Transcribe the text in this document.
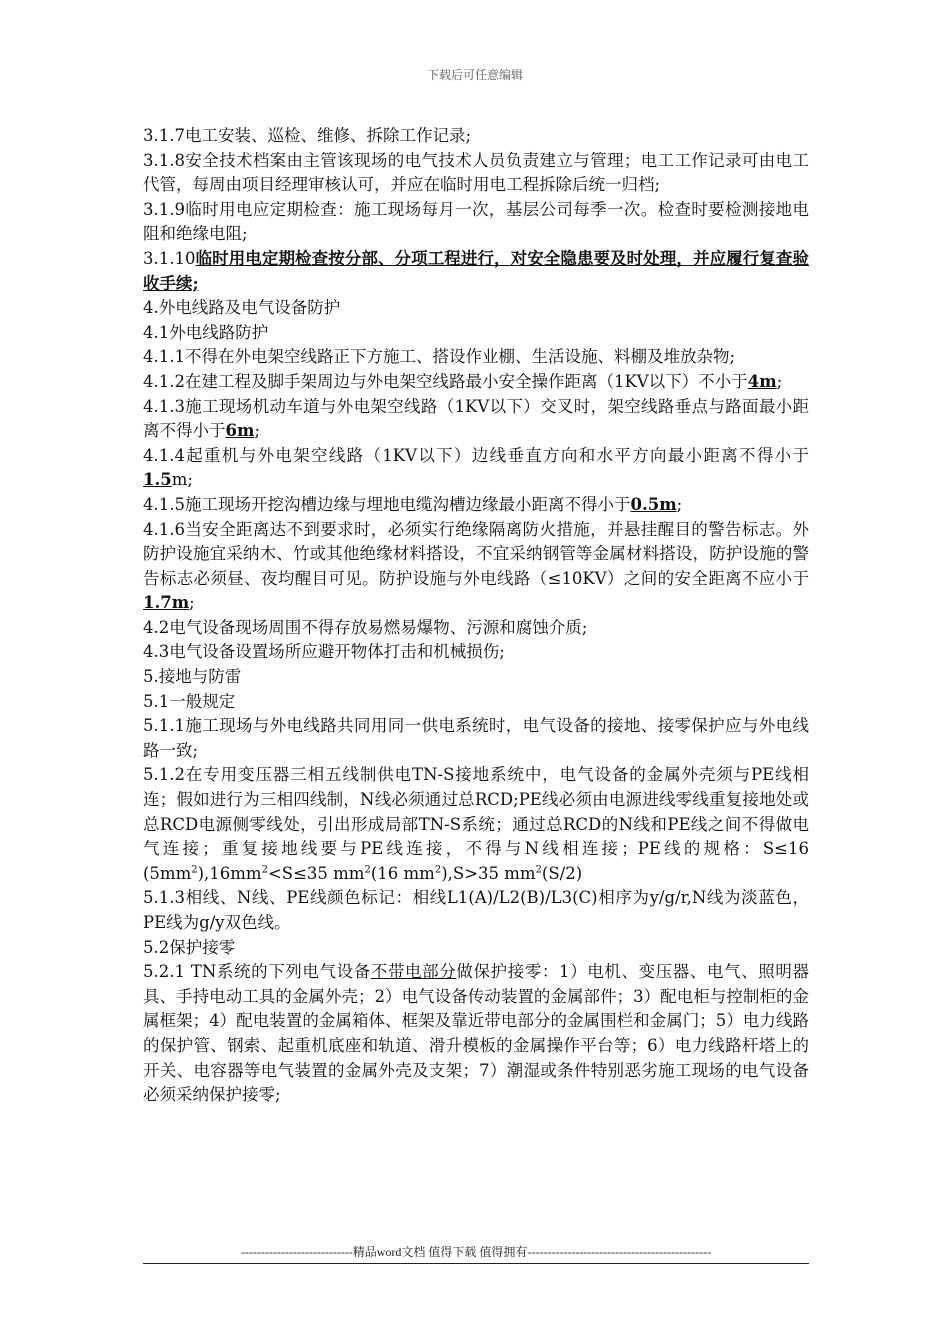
下载后可任意编辑

3.1.7电工安装、巡检、维修、拆除工作记录;

3.1.8安全技术档案由主管该现场的电气技术人员负责建立与管理；电工工作记录可由电工代管，每周由项目经理审核认可，并应在临时用电工程拆除后统一归档;

3.1.9临时用电应定期检查：施工现场每月一次，基层公司每季一次。检查时要检测接地电阻和绝缘电阻;

3.1.10临时用电定期检查按分部、分项工程进行，对安全隐患要及时处理，并应履行复查验收手续;

4.外电线路及电气设备防护

4.1外电线路防护

4.1.1不得在外电架空线路正下方施工、搭设作业棚、生活设施、料棚及堆放杂物;

4.1.2在建工程及脚手架周边与外电架空线路最小安全操作距离（1KV以下）不小于4m;

4.1.3施工现场机动车道与外电架空线路（1KV以下）交叉时，架空线路垂点与路面最小距离不得小于6m;

4.1.4起重机与外电架空线路（1KV以下）边线垂直方向和水平方向最小距离不得小于1.5m;

4.1.5施工现场开挖沟槽边缘与埋地电缆沟槽边缘最小距离不得小于0.5m;

4.1.6当安全距离达不到要求时，必须实行绝缘隔离防火措施，并悬挂醒目的警告标志。外防护设施宜采纳木、竹或其他绝缘材料搭设，不宜采纳钢管等金属材料搭设，防护设施的警告标志必须昼、夜均醒目可见。防护设施与外电线路（≤10KV）之间的安全距离不应小于1.7m;

4.2电气设备现场周围不得存放易燃易爆物、污源和腐蚀介质;

4.3电气设备设置场所应避开物体打击和机械损伤;

5.接地与防雷

5.1一般规定

5.1.1施工现场与外电线路共同用同一供电系统时，电气设备的接地、接零保护应与外电线路一致;

5.1.2在专用变压器三相五线制供电TN-S接地系统中，电气设备的金属外壳须与PE线相连；假如进行为三相四线制，N线必须通过总RCD;PE线必须由电源进线零线重复接地处或总RCD电源侧零线处，引出形成局部TN-S系统；通过总RCD的N线和PE线之间不得做电气连接；重复接地线要与PE线连接，不得与N线相连接；PE线的规格：S≤16 $(5mm^2),16mm^2<S\le 35$ $mm^2(16$ $mm^2),S>35$ $mm^2(S/2)$

5.1.3相线、N线、PE线颜色标记：相线L1(A)/L2(B)/L3(C)相序为y/g/r,N线为淡蓝色，PE线为g/y双色线。

5.2保护接零

5.2.1 TN系统的下列电气设备不带电部分做保护接零：1）电机、变压器、电气、照明器具、手持电动工具的金属外壳；2）电气设备传动装置的金属部件；3）配电柜与控制柜的金属框架；4）配电装置的金属箱体、框架及靠近带电部分的金属围栏和金属门；5）电力线路的保护管、钢索、起重机底座和轨道、滑升模板的金属操作平台等；6）电力线路杆塔上的开关、电容器等电气装置的金属外壳及支架；7）潮湿或条件特别恶劣施工现场的电气设备必须采纳保护接零;

----------------------------精品word文档 值得下载 值得拥有----------------------------------------------
